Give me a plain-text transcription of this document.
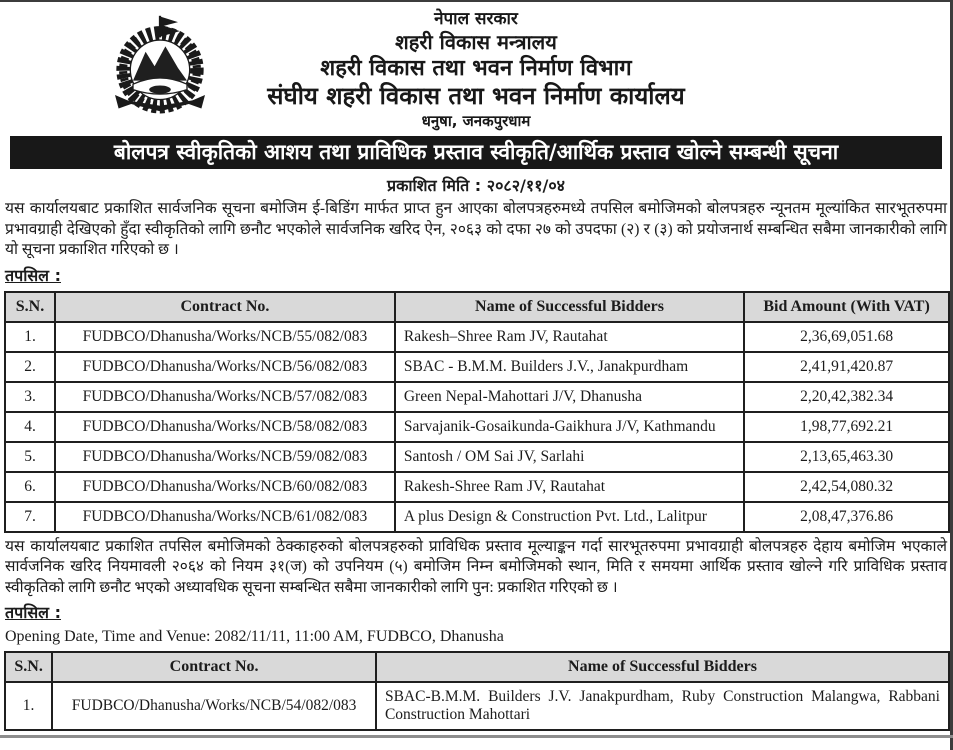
नेपाल सरकार
शहरी विकास मन्त्रालय
शहरी विकास तथा भवन निर्माण विभाग
संघीय शहरी विकास तथा भवन निर्माण कार्यालय
धनुषा, जनकपुरधाम
बोलपत्र स्वीकृतिको आशय तथा प्राविधिक प्रस्ताव स्वीकृति/आर्थिक प्रस्ताव खोल्ने सम्बन्धी सूचना
प्रकाशित मिति : २०८२/११/०४

यस कार्यालयबाट प्रकाशित सार्वजनिक सूचना बमोजिम ई-बिडिंग मार्फत प्राप्त हुन आएका बोलपत्रहरुमध्ये तपसिल बमोजिमको बोलपत्रहरु न्यूनतम मूल्यांकित सारभूतरुपमा प्रभावग्राही देखिएको हुँदा स्वीकृतिको लागि छनौट भएकोले सार्वजनिक खरिद ऐन, २०६३ को दफा २७ को उपदफा (२) र (३) को प्रयोजनार्थ सम्बन्धित सबैमा जानकारीको लागि यो सूचना प्रकाशित गरिएको छ ।

तपसिल :
S.N.	Contract No.	Name of Successful Bidders	Bid Amount (With VAT)
1.	FUDBCO/Dhanusha/Works/NCB/55/082/083	Rakesh–Shree Ram JV, Rautahat	2,36,69,051.68
2.	FUDBCO/Dhanusha/Works/NCB/56/082/083	SBAC - B.M.M. Builders J.V., Janakpurdham	2,41,91,420.87
3.	FUDBCO/Dhanusha/Works/NCB/57/082/083	Green Nepal-Mahottari J/V, Dhanusha	2,20,42,382.34
4.	FUDBCO/Dhanusha/Works/NCB/58/082/083	Sarvajanik-Gosaikunda-Gaikhura J/V, Kathmandu	1,98,77,692.21
5.	FUDBCO/Dhanusha/Works/NCB/59/082/083	Santosh / OM Sai JV, Sarlahi	2,13,65,463.30
6.	FUDBCO/Dhanusha/Works/NCB/60/082/083	Rakesh-Shree Ram JV, Rautahat	2,42,54,080.32
7.	FUDBCO/Dhanusha/Works/NCB/61/082/083	A plus Design & Construction Pvt. Ltd., Lalitpur	2,08,47,376.86

यस कार्यालयबाट प्रकाशित तपसिल बमोजिमको ठेक्काहरुको बोलपत्रहरुको प्राविधिक प्रस्ताव मूल्याङ्कन गर्दा सारभूतरुपमा प्रभावग्राही बोलपत्रहरु देहाय बमोजिम भएकाले सार्वजनिक खरिद नियमावली २०६४ को नियम ३१(ज) को उपनियम (५) बमोजिम निम्न बमोजिमको स्थान, मिति र समयमा आर्थिक प्रस्ताव खोल्ने गरि प्राविधिक प्रस्ताव स्वीकृतिको लागि छनौट भएको अध्यावधिक सूचना सम्बन्धित सबैमा जानकारीको लागि पुन: प्रकाशित गरिएको छ ।

तपसिल :
Opening Date, Time and Venue: 2082/11/11, 11:00 AM, FUDBCO, Dhanusha
S.N.	Contract No.	Name of Successful Bidders
1.	FUDBCO/Dhanusha/Works/NCB/54/082/083	SBAC-B.M.M. Builders J.V. Janakpurdham, Ruby Construction Malangwa, Rabbani Construction Mahottari
